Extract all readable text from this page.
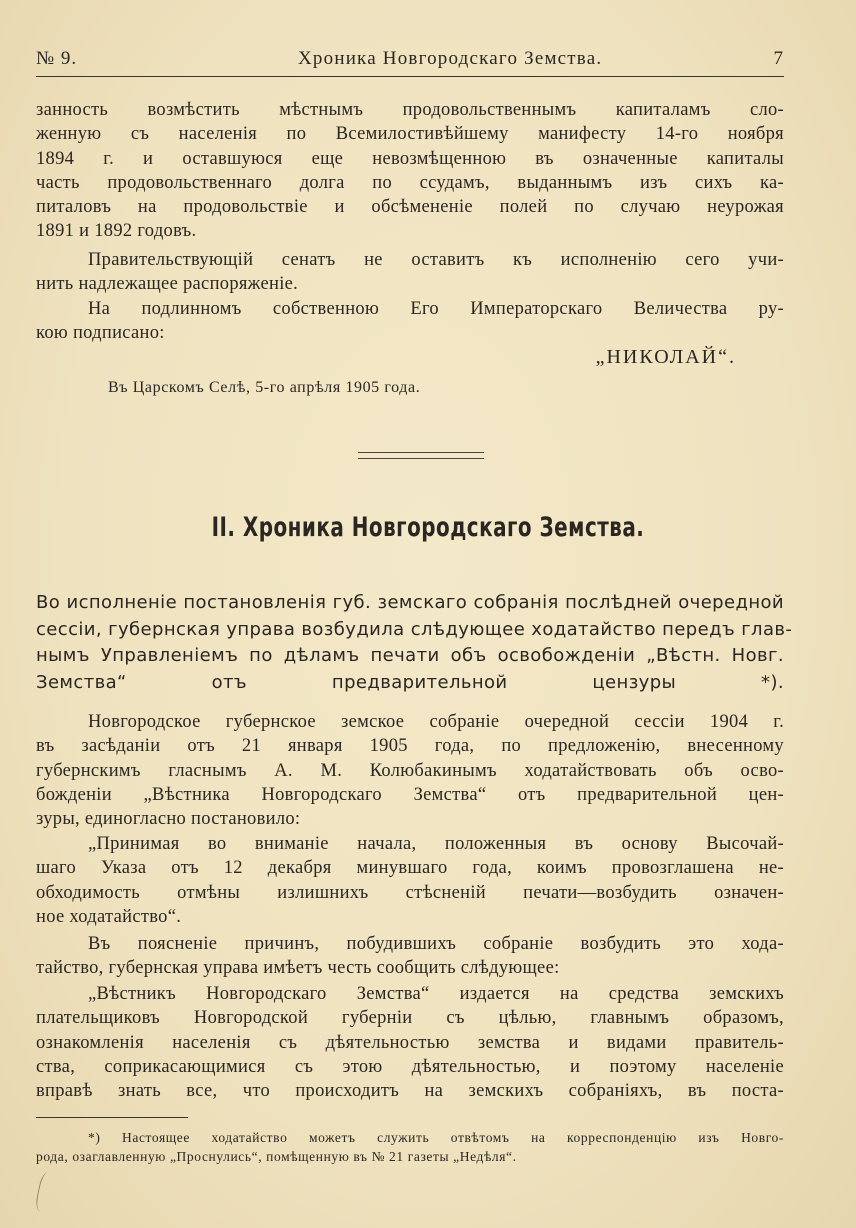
№ 9.	Хроника Новгородскаго Земства.	7
занность возмѣстить мѣстнымъ продовольственнымъ капиталамъ сло-
женную съ населенія по Всемилостивѣйшему манифесту 14-го ноября
1894 г. и оставшуюся еще невозмѣщенною въ означенные капиталы
часть продовольственнаго долга по ссудамъ, выданнымъ изъ сихъ ка-
питаловъ на продовольствіе и обсѣмененіе полей по случаю неурожая
1891 и 1892 годовъ.
Правительствующій сенатъ не оставитъ къ исполненію сего учи-
нить надлежащее распоряженіе.
На подлинномъ собственною Его Императорскаго Величества ру-
кою подписано:
„НИКОЛАЙ“.
Въ Царскомъ Селѣ, 5-го апрѣля 1905 года.
II. Хроника Новгородскаго Земства.
Во исполненіе постановленія губ. земскаго собранія послѣдней очередной
сессіи, губернская управа возбудила слѣдующее ходатайство передъ глав-
нымъ Управленіемъ по дѣламъ печати объ освобожденіи „Вѣстн. Новг.
Земства“ отъ предварительной цензуры *).
Новгородское губернское земское собраніе очередной сессіи 1904 г.
въ засѣданіи отъ 21 января 1905 года, по предложенію, внесенному
губернскимъ гласнымъ А. М. Колюбакинымъ ходатайствовать объ осво-
божденіи „Вѣстника Новгородскаго Земства“ отъ предварительной цен-
зуры, единогласно постановило:
„Принимая во вниманіе начала, положенныя въ основу Высочай-
шаго Указа отъ 12 декабря минувшаго года, коимъ провозглашена не-
обходимость отмѣны излишнихъ стѣсненій печати—возбудить означен-
ное ходатайство“.
Въ поясненіе причинъ, побудившихъ собраніе возбудить это хода-
тайство, губернская управа имѣетъ честь сообщить слѣдующее:
„Вѣстникъ Новгородскаго Земства“ издается на средства земскихъ
плательщиковъ Новгородской губерніи съ цѣлью, главнымъ образомъ,
ознакомленія населенія съ дѣятельностью земства и видами правитель-
ства, соприкасающимися съ этою дѣятельностью, и поэтому населеніе
вправѣ знать все, что происходитъ на земскихъ собраніяхъ, въ поста-
*) Настоящее ходатайство можетъ служить отвѣтомъ на корреспонденцію изъ Новго-
рода, озаглавленную „Проснулись“, помѣщенную въ № 21 газеты „Недѣля“.
